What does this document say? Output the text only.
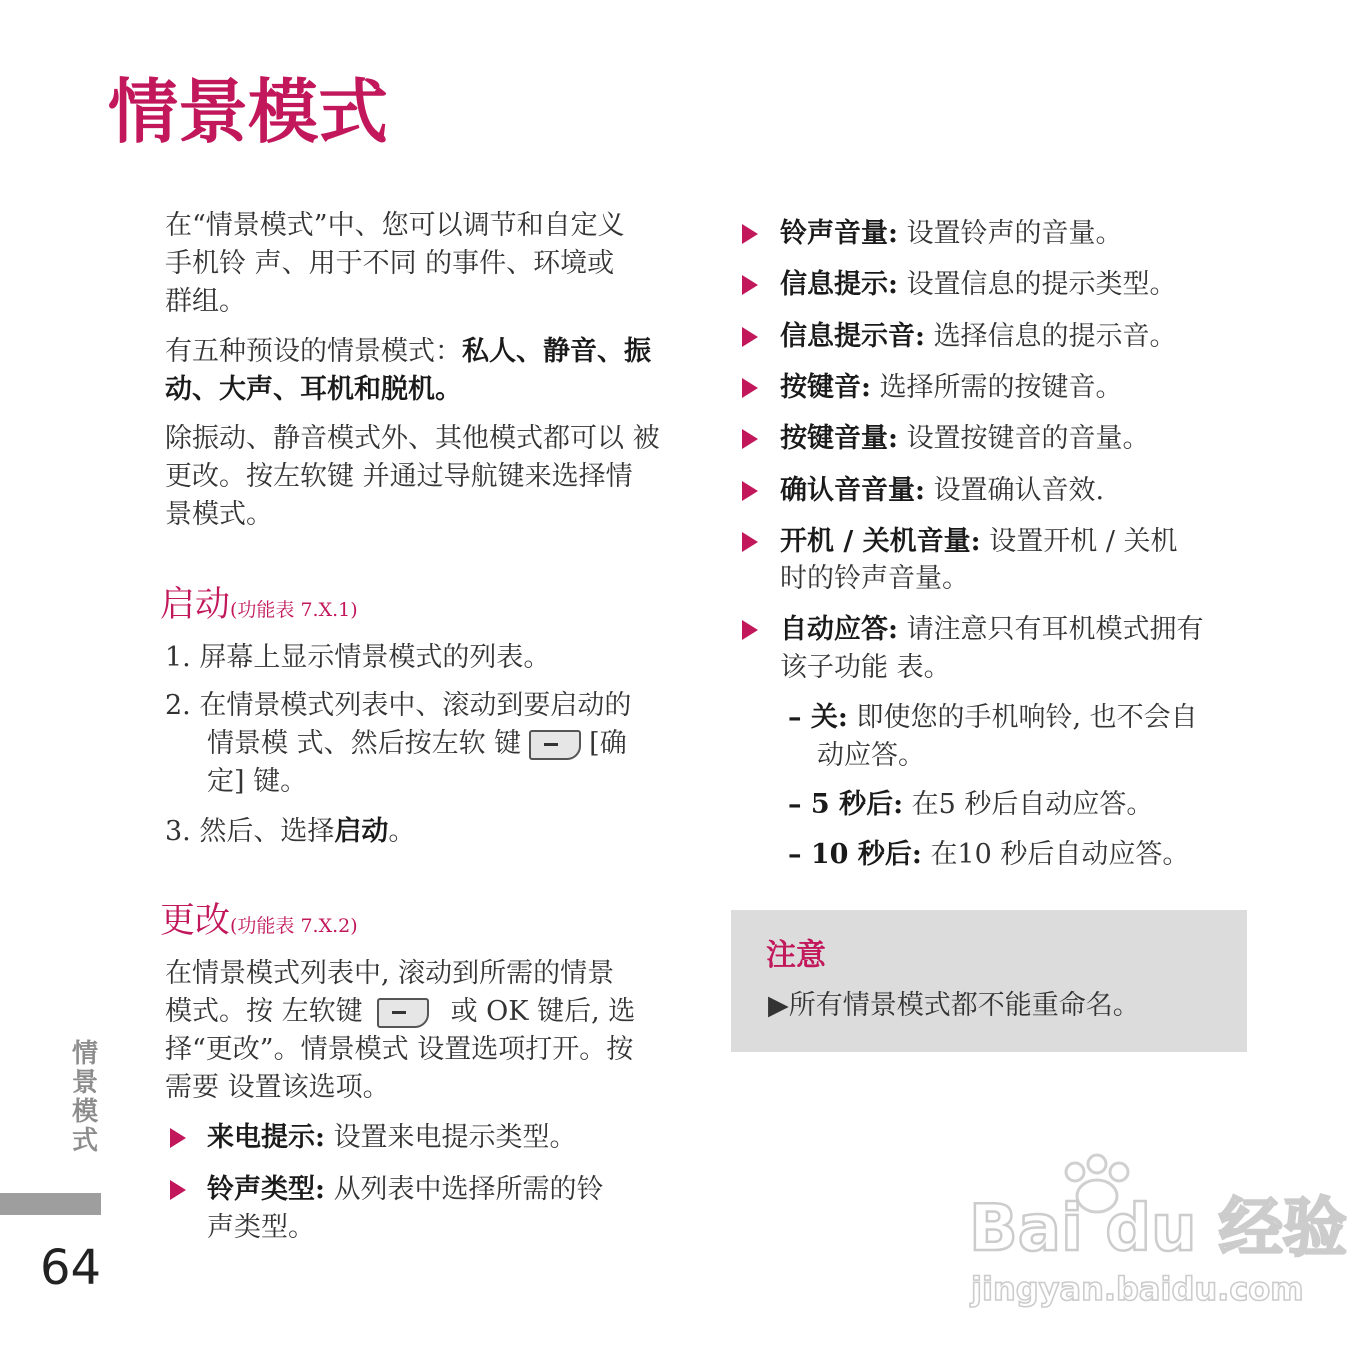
情景模式
在“情景模式”中、您可以调节和自定义
手机铃 声、用于不同 的事件、环境或
群组。
有五种预设的情景模式：私人、静音、振
动、大声、耳机和脱机。
除振动、静音模式外、其他模式都可以 被
更改。按左软键 并通过导航键来选择情
景模式。
启动(功能表 7.X.1)
1. 屏幕上显示情景模式的列表。
2. 在情景模式列表中、滚动到要启动的
情景模 式、然后按左软 键	[确
定] 键。
3. 然后、选择启动。
更改(功能表 7.X.2)
在情景模式列表中, 滚动到所需的情景
模式。按 左软键	或 OK 键后, 选
择“更改”。情景模式 设置选项打开。按
需要 设置该选项。
来电提示: 设置来电提示类型。
铃声类型: 从列表中选择所需的铃
声类型。
铃声音量: 设置铃声的音量。
信息提示: 设置信息的提示类型。
信息提示音: 选择信息的提示音。
按键音: 选择所需的按键音。
按键音量: 设置按键音的音量。
确认音音量: 设置确认音效.
开机 / 关机音量: 设置开机 / 关机
时的铃声音量。
自动应答: 请注意只有耳机模式拥有
该子功能 表。
– 关: 即使您的手机响铃, 也不会自
动应答。
– 5 秒后: 在5 秒后自动应答。
– 10 秒后: 在10 秒后自动应答。
注意
▶所有情景模式都不能重命名。
情景模式
64
Bai du 经验
jingyan.baidu.com
